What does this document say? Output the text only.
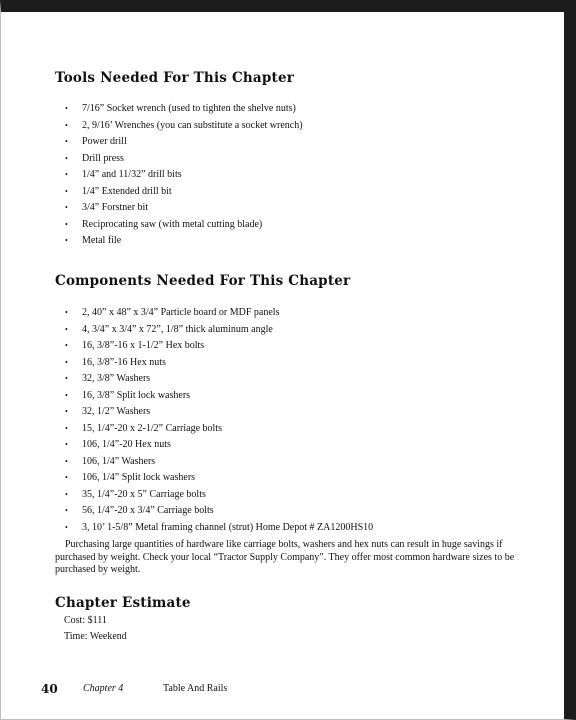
Tools Needed For This Chapter
• 7/16” Socket wrench (used to tighten the shelve nuts)
• 2, 9/16’ Wrenches (you can substitute a socket wrench)
• Power drill
• Drill press
• 1/4” and 11/32” drill bits
• 1/4” Extended drill bit
• 3/4” Forstner bit
• Reciprocating saw (with metal cutting blade)
• Metal file
Components Needed For This Chapter
• 2, 40” x 48” x 3/4” Particle board or MDF panels
• 4, 3/4” x 3/4” x 72”, 1/8” thick aluminum angle
• 16, 3/8”-16 x 1-1/2” Hex bolts
• 16, 3/8”-16 Hex nuts
• 32, 3/8” Washers
• 16, 3/8” Split lock washers
• 32, 1/2” Washers
• 15, 1/4”-20 x 2-1/2” Carriage bolts
• 106, 1/4”-20 Hex nuts
• 106, 1/4” Washers
• 106, 1/4” Split lock washers
• 35, 1/4”-20 x 5” Carriage bolts
• 56, 1/4”-20 x 3/4” Carriage bolts
• 3, 10’ 1-5/8” Metal framing channel (strut) Home Depot # ZA1200HS10

Purchasing large quantities of hardware like carriage bolts, washers and hex nuts can result in huge savings if purchased by weight. Check your local “Tractor Supply Company”. They offer most common hardware sizes to be purchased by weight.

Chapter Estimate
Cost: $111
Time: Weekend
40	Chapter 4	Table And Rails
